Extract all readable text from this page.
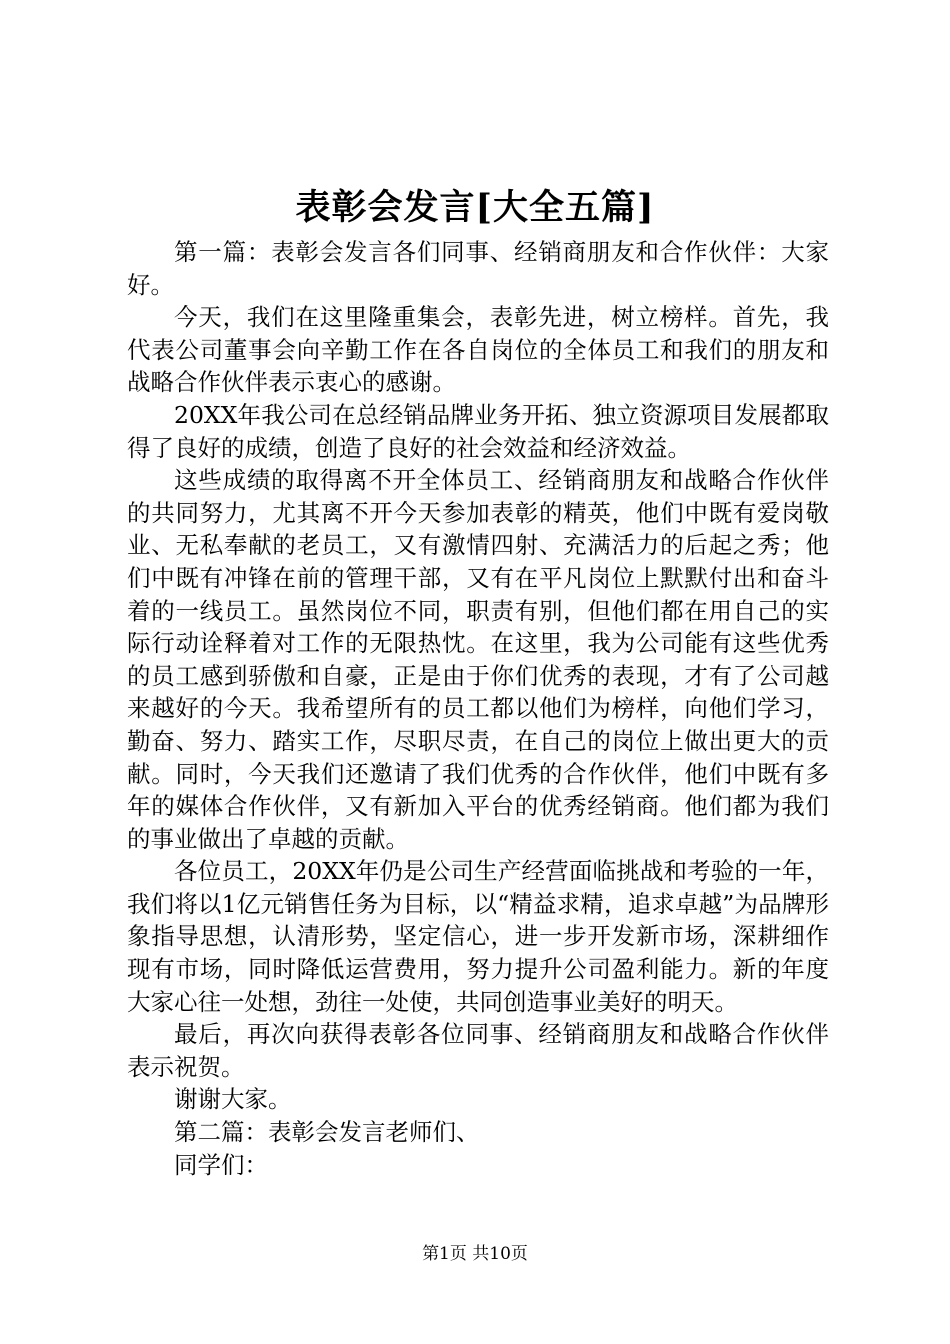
表彰会发言[大全五篇]

第一篇：表彰会发言各们同事、经销商朋友和合作伙伴：大家好。

今天，我们在这里隆重集会，表彰先进，树立榜样。首先，我代表公司董事会向辛勤工作在各自岗位的全体员工和我们的朋友和战略合作伙伴表示衷心的感谢。

20XX年我公司在总经销品牌业务开拓、独立资源项目发展都取得了良好的成绩，创造了良好的社会效益和经济效益。

这些成绩的取得离不开全体员工、经销商朋友和战略合作伙伴的共同努力，尤其离不开今天参加表彰的精英，他们中既有爱岗敬业、无私奉献的老员工，又有激情四射、充满活力的后起之秀；他们中既有冲锋在前的管理干部，又有在平凡岗位上默默付出和奋斗着的一线员工。虽然岗位不同，职责有别，但他们都在用自己的实际行动诠释着对工作的无限热忱。在这里，我为公司能有这些优秀的员工感到骄傲和自豪，正是由于你们优秀的表现，才有了公司越来越好的今天。我希望所有的员工都以他们为榜样，向他们学习，勤奋、努力、踏实工作，尽职尽责，在自己的岗位上做出更大的贡献。同时，今天我们还邀请了我们优秀的合作伙伴，他们中既有多年的媒体合作伙伴，又有新加入平台的优秀经销商。他们都为我们的事业做出了卓越的贡献。

各位员工，20XX年仍是公司生产经营面临挑战和考验的一年，我们将以1亿元销售任务为目标，以“精益求精，追求卓越”为品牌形象指导思想，认清形势，坚定信心，进一步开发新市场，深耕细作现有市场，同时降低运营费用，努力提升公司盈利能力。新的年度大家心往一处想，劲往一处使，共同创造事业美好的明天。

最后，再次向获得表彰各位同事、经销商朋友和战略合作伙伴表示祝贺。

谢谢大家。

第二篇：表彰会发言老师们、

同学们：

第1页 共10页
